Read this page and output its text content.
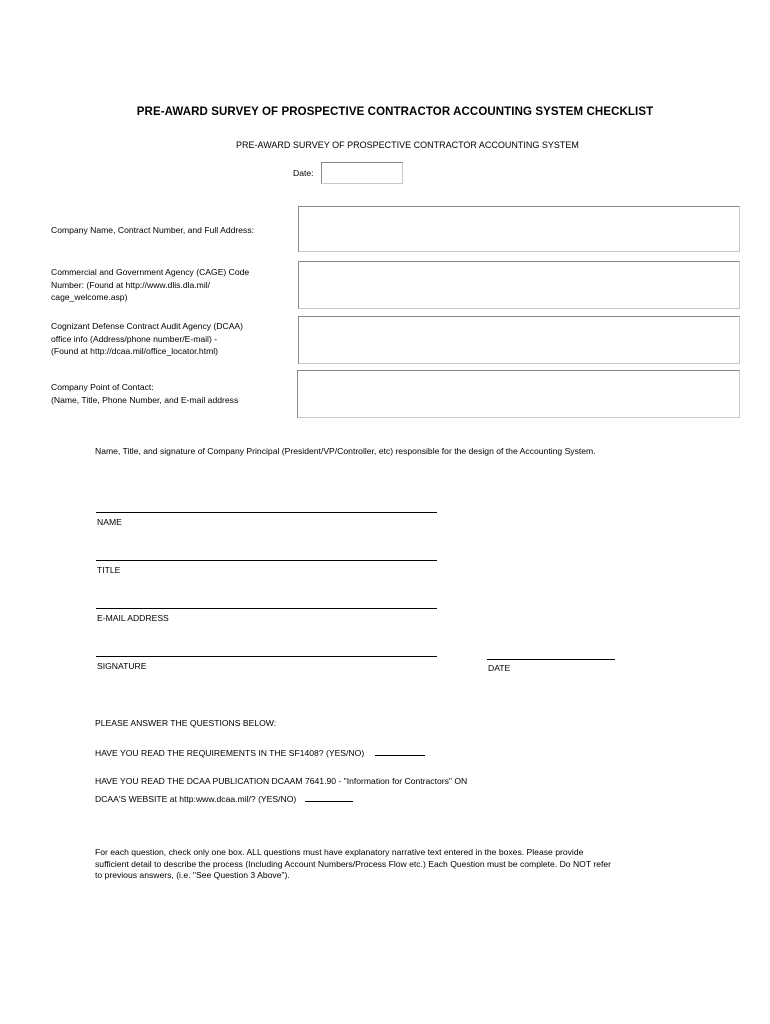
PRE-AWARD SURVEY OF PROSPECTIVE CONTRACTOR ACCOUNTING SYSTEM CHECKLIST
PRE-AWARD SURVEY OF PROSPECTIVE CONTRACTOR ACCOUNTING SYSTEM
Date:
Company Name, Contract Number, and Full Address:
Commercial and Government Agency (CAGE) Code
Number: (Found at http://www.dlis.dla.mil/
cage_welcome.asp)
Cognizant Defense Contract Audit Agency (DCAA)
office info (Address/phone number/E-mail) -
(Found at http://dcaa.mil/office_locator.html)
Company Point of Contact:
(Name, Title, Phone Number, and E-mail address
Name, Title, and signature of Company Principal (President/VP/Controller, etc) responsible for the design of the Accounting System.
NAME
TITLE
E-MAIL ADDRESS
SIGNATURE	DATE
PLEASE ANSWER THE QUESTIONS BELOW:
HAVE YOU READ THE REQUIREMENTS IN THE SF1408? (YES/NO)
HAVE YOU READ THE DCAA PUBLICATION DCAAM 7641.90 - "Information for Contractors" ON
DCAA'S WEBSITE at http:www.dcaa.mil/? (YES/NO)
For each question, check only one box. ALL questions must have explanatory narrative text entered in the boxes. Please provide
sufficient detail to describe the process (Including Account Numbers/Process Flow etc.) Each Question must be complete. Do NOT refer
to previous answers, (i.e. "See Question 3 Above").
